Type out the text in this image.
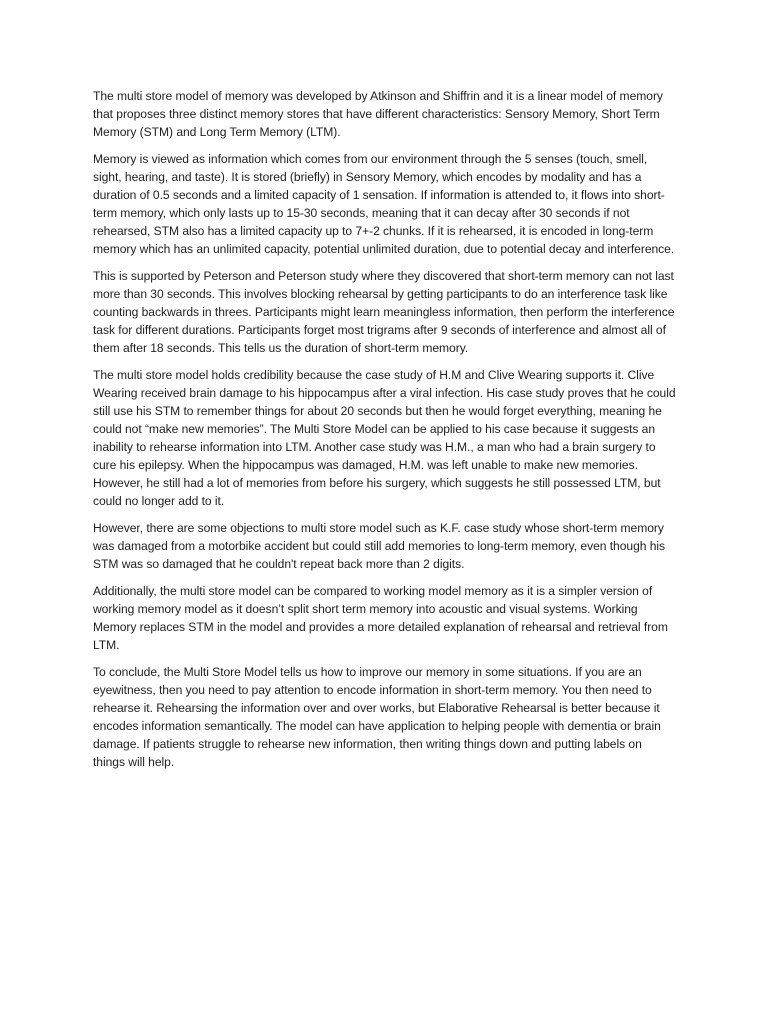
The multi store model of memory was developed by Atkinson and Shiffrin and it is a linear model of memory that proposes three distinct memory stores that have different characteristics: Sensory Memory, Short Term Memory (STM) and Long Term Memory (LTM).

Memory is viewed as information which comes from our environment through the 5 senses (touch, smell, sight, hearing, and taste). It is stored (briefly) in Sensory Memory, which encodes by modality and has a duration of 0.5 seconds and a limited capacity of 1 sensation. If information is attended to, it flows into short-term memory, which only lasts up to 15-30 seconds, meaning that it can decay after 30 seconds if not rehearsed, STM also has a limited capacity up to 7+-2 chunks. If it is rehearsed, it is encoded in long-term memory which has an unlimited capacity, potential unlimited duration, due to potential decay and interference.

This is supported by Peterson and Peterson study where they discovered that short-term memory can not last more than 30 seconds. This involves blocking rehearsal by getting participants to do an interference task like counting backwards in threes. Participants might learn meaningless information, then perform the interference task for different durations. Participants forget most trigrams after 9 seconds of interference and almost all of them after 18 seconds. This tells us the duration of short-term memory.

The multi store model holds credibility because the case study of H.M and Clive Wearing supports it. Clive Wearing received brain damage to his hippocampus after a viral infection. His case study proves that he could still use his STM to remember things for about 20 seconds but then he would forget everything, meaning he could not “make new memories”. The Multi Store Model can be applied to his case because it suggests an inability to rehearse information into LTM. Another case study was H.M., a man who had a brain surgery to cure his epilepsy. When the hippocampus was damaged, H.M. was left unable to make new memories. However, he still had a lot of memories from before his surgery, which suggests he still possessed LTM, but could no longer add to it.

However, there are some objections to multi store model such as K.F. case study whose short-term memory was damaged from a motorbike accident but could still add memories to long-term memory, even though his STM was so damaged that he couldn't repeat back more than 2 digits.

Additionally, the multi store model can be compared to working model memory as it is a simpler version of working memory model as it doesn’t split short term memory into acoustic and visual systems. Working Memory replaces STM in the model and provides a more detailed explanation of rehearsal and retrieval from LTM.

To conclude, the Multi Store Model tells us how to improve our memory in some situations. If you are an eyewitness, then you need to pay attention to encode information in short-term memory. You then need to rehearse it. Rehearsing the information over and over works, but Elaborative Rehearsal is better because it encodes information semantically. The model can have application to helping people with dementia or brain damage. If patients struggle to rehearse new information, then writing things down and putting labels on things will help.
